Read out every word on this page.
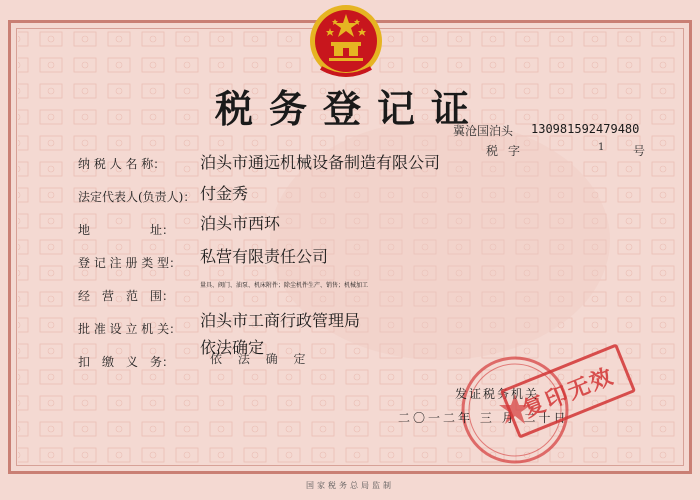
税务登记证
冀沧国泊头 130981592479480
税字	1 号
纳 税 人 名 称： 泊头市通远机械设备制造有限公司
法定代表人(负责人)： 付金秀
地　　　　　址： 泊头市西环
登 记 注 册 类 型： 私营有限责任公司
经　营　范　围：
量具、阀门、油泵、机床附件；除尘机件生产、销售；机械加工
批 准 设 立 机 关： 泊头市工商行政管理局
扣　缴　义　务：	依 法 确 定
依法确定
发证税务机关
二〇一二年 三 月 二十日
复印无效
国家税务总局监制
